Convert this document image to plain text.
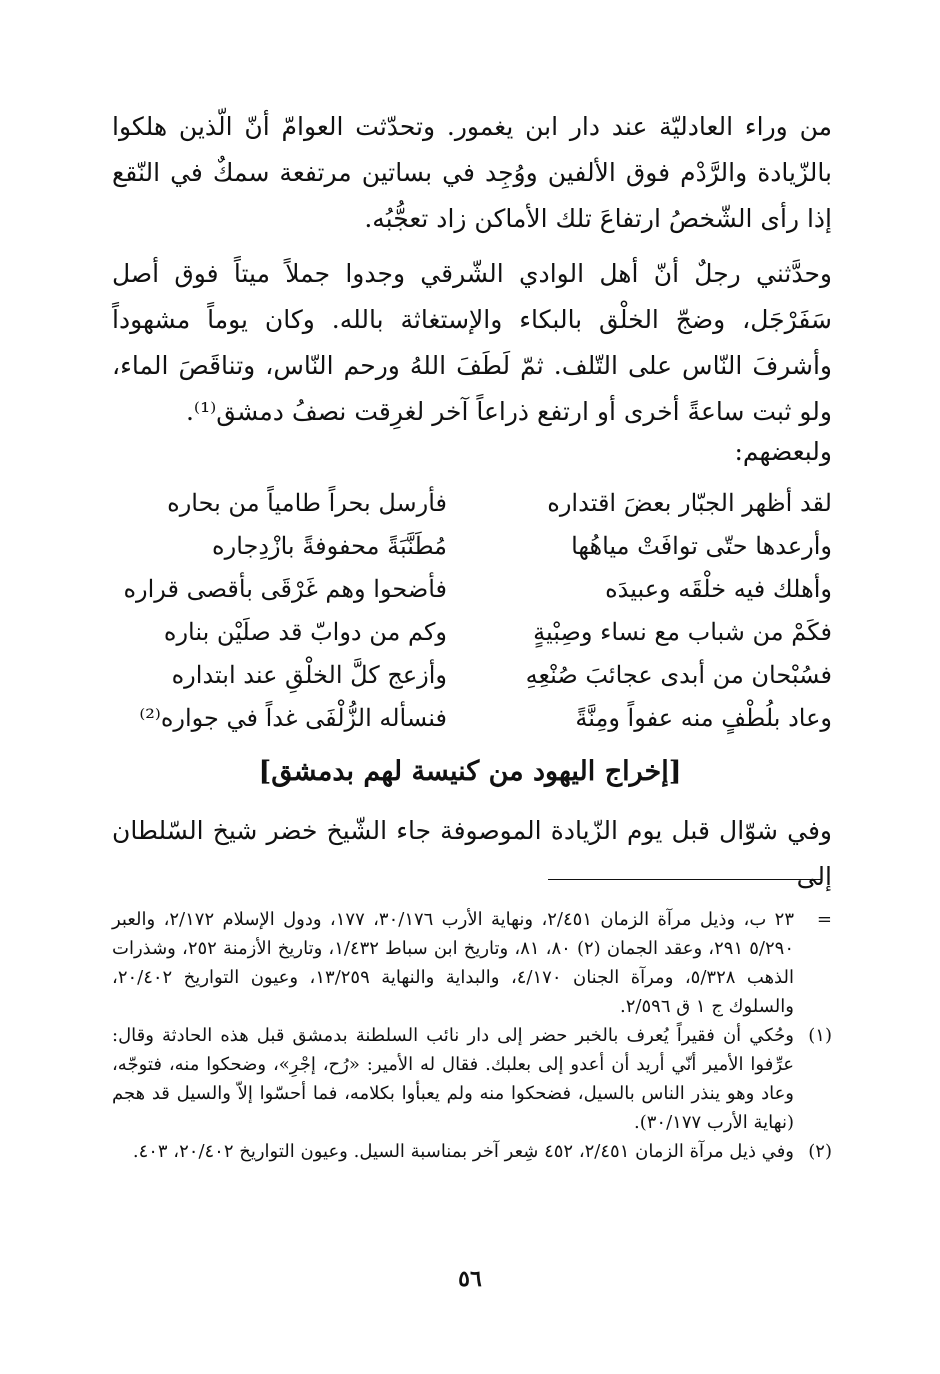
من وراء العادليّة عند دار ابن يغمور. وتحدّثت العوامّ أنّ الّذين هلكوا بالزّيادة والرَّدْم فوق الألفين ووُجِد في بساتين مرتفعة سمكٌ في النّقع إذا رأى الشّخصُ ارتفاعَ تلك الأماكن زاد تعجُّبُه.

وحدَّثني رجلٌ أنّ أهل الوادي الشّرقي وجدوا جملاً ميتاً فوق أصل سَفَرْجَل، وضجّ الخلْق بالبكاء والإستغاثة بالله. وكان يوماً مشهوداً وأشرفَ النّاس على التّلف. ثمّ لَطَفَ اللهُ ورحم النّاس، وتناقَصَ الماء، ولو ثبت ساعةً أخرى أو ارتفع ذراعاً آخر لغرِقت نصفُ دمشق⁽¹⁾.

ولبعضهم:

لقد أظهر الجبّار بعضَ اقتداره
فأرسل بحراً طامياً من بحاره
وأرعدها حتّى توافَتْ مياهُها
مُطَنَّبَةً محفوفةً بازْدِجاره
وأهلك فيه خلْقَه وعبيدَه
فأضحوا وهم غَرْقَى بأقصى قراره
فكَمْ من شباب مع نساء وصِبْيةٍ
وكم من دوابّ قد صلَيْن بناره
فسُبْحان من أبدى عجائبَ صُنْعِهِ
وأزعج كلَّ الخلْقِ عند ابتداره
وعاد بلُطْفٍ منه عفواً ومِنَّةً
فنسأله الزُّلْفَى غداً في جواره⁽²⁾
[إخراج اليهود من كنيسة لهم بدمشق]

وفي شوّال قبل يوم الزّيادة الموصوفة جاء الشّيخ خضر شيخ السّلطان إلى

=
٢٣ ب، وذيل مرآة الزمان ٢/٤٥١، ونهاية الأرب ٣٠/١٧٦، ١٧٧، ودول الإسلام ٢/١٧٢، والعبر ٥/٢٩٠ ٢٩١، وعقد الجمان (٢) ٨٠، ٨١، وتاريخ ابن سباط ١/٤٣٢، وتاريخ الأزمنة ٢٥٢، وشذرات الذهب ٥/٣٢٨، ومرآة الجنان ٤/١٧٠، والبداية والنهاية ١٣/٢٥٩، وعيون التواريخ ٢٠/٤٠٢، والسلوك ج ١ ق ٢/٥٩٦.
(١)
وحُكي أن فقيراً يُعرف بالخبر حضر إلى دار نائب السلطنة بدمشق قبل هذه الحادثة وقال: عرِّفوا الأمير أنّي أريد أن أعدو إلى بعلبك. فقال له الأمير: «رُح، إجْرِ»، وضحكوا منه، فتوجّه، وعاد وهو ينذر الناس بالسيل، فضحكوا منه ولم يعبأوا بكلامه، فما أحسّوا إلاّ والسيل قد هجم (نهاية الأرب ٣٠/١٧٧).
(٢)
وفي ذيل مرآة الزمان ٢/٤٥١، ٤٥٢ شِعر آخر بمناسبة السيل. وعيون التواريخ ٢٠/٤٠٢، ٤٠٣.
٥٦
